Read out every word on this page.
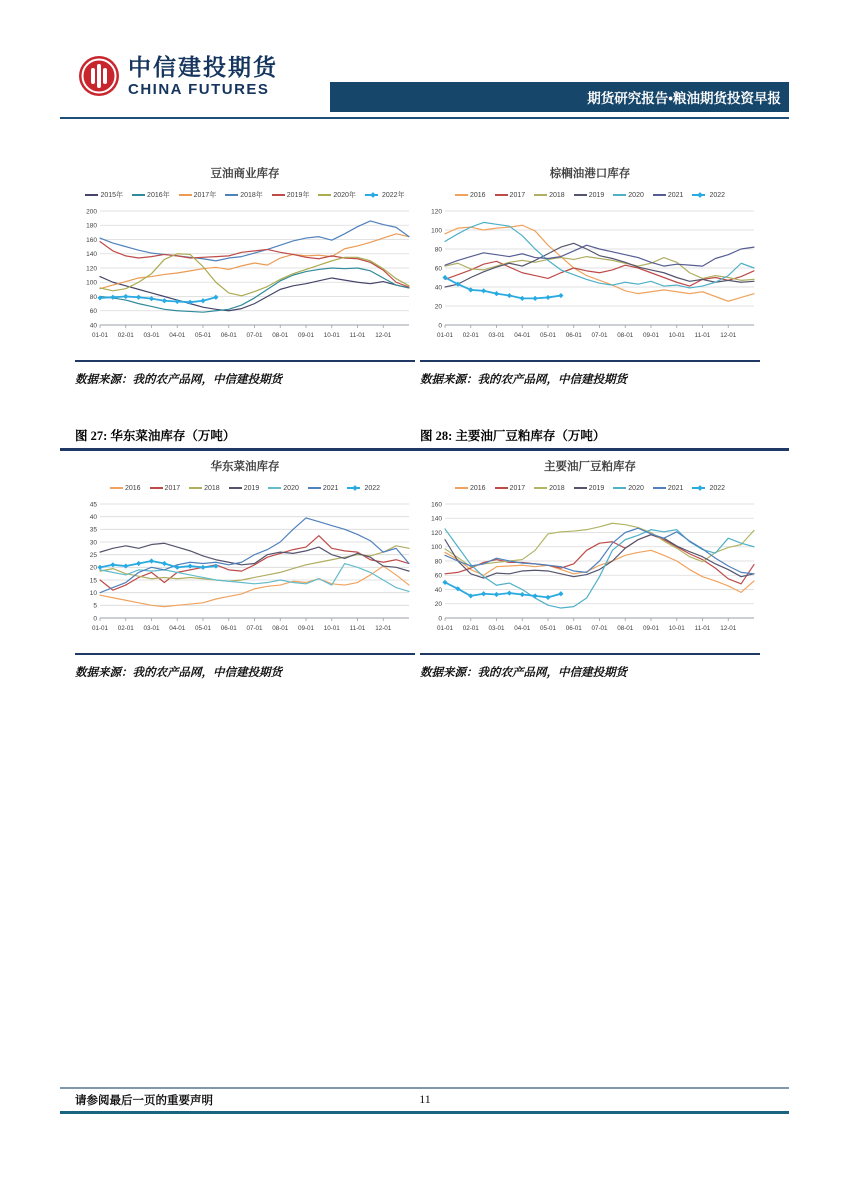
中信建投期货
CHINA FUTURES
期货研究报告•粮油期货投资早报
豆油商业库存
2015年	2016年	2017年	2018年	2019年	2020年	2022年
40
60
80
100
120
140
160
180
200
01-01 02-01 03-01 04-01 05-01 06-01 07-01 08-01 09-01 10-01 11-01 12-01
数据来源：我的农产品网，中信建投期货
棕榈油港口库存
2016	2017	2018	2019	2020	2021	2022
0
20
40
60
80
100
120
01-01 02-01 03-01 04-01 05-01 06-01 07-01 08-01 09-01 10-01 11-01 12-01
数据来源：我的农产品网，中信建投期货
图 27: 华东菜油库存（万吨）	图 28: 主要油厂豆粕库存（万吨）
华东菜油库存
2016	2017	2018	2019	2020	2021	2022
0
5
10
15
20
25
30
35
40
45
01-01 02-01 03-01 04-01 05-01 06-01 07-01 08-01 09-01 10-01 11-01 12-01
数据来源：我的农产品网，中信建投期货
主要油厂豆粕库存
2016	2017	2018	2019	2020	2021	2022
0
20
40
60
80
100
120
140
160
01-01 02-01 03-01 04-01 05-01 06-01 07-01 08-01 09-01 10-01 11-01 12-01
数据来源：我的农产品网，中信建投期货
请参阅最后一页的重要声明	11
